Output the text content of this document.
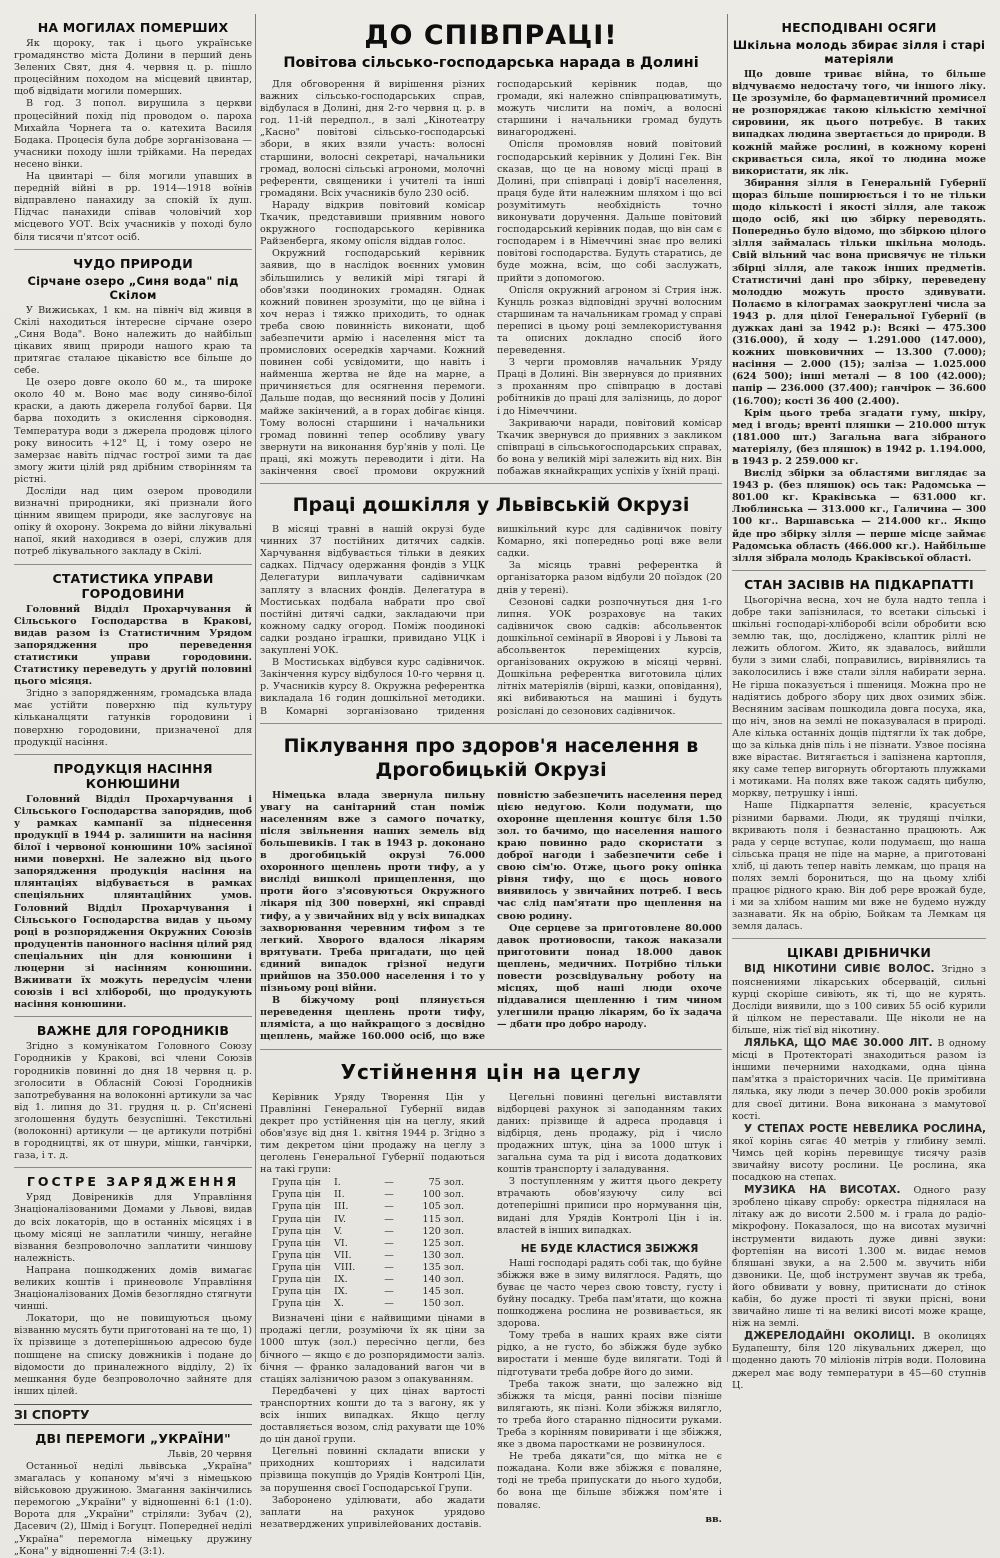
НА МОГИЛАХ ПОМЕРШИХ

Як щороку, так і цього українське громадянство міста Долини в перший день Зелених Свят, дня 4. червня ц. р. пішло процесійним походом на місцевий цвинтар, щоб відвідати могили померших.

В год. 3 попол. вирушила з церкви процесійний похід під проводом о. пароха Михайла Чорнега та о. катехита Василя Бодака. Процесія була добре зорганізована — учасники походу ішли трійками. На передах несено вінки.

На цвинтарі — біля могили упавших в передній війні в рр. 1914—1918 воїнів відправлено панахиду за спокій їх душ. Підчас панахиди співав чоловічий хор місцевого УОТ. Всіх учасників у поході було біля тисячи п'ятсот осіб.

ЧУДО ПРИРОДИ
Сірчане озеро „Синя вода" під Скілом

У Вижиськах, 1 км. на північ від живця в Скілі находиться інтересне сірчане озеро „Синя Вода". Воно належить до найбільш цікавих явищ природи нашого краю та притягає сталаюе цікавістю все більше до себе.

Це озеро довге около 60 м., та широке около 40 м. Воно має воду синяво-білої краски, а дають джерела голубої барви. Ця барва походить з окислення сірководня. Температура води з джерела продовж цілого року виносить +12° Ц, і тому озеро не замерзає навіть підчас гострої зими та дає змогу жити цілій ряд дрібним створінням та рістні.

Досліди над цим озером проводили визначні природники, які признали його цінним явищем природи, яке заслуговує на опіку й охорону. Зокрема до війни лікувальні напої, який находився в озері, служив для потреб лікувального закладу в Скілі.

СТАТИСТИКА УПРАВИ ГОРОДОВИНИ

Головний Відділ Прохарчування й Сільського Господарства в Кракові, видав разом із Статистичним Урядом запорядження про переведення статистики управи городовини. Статистику переведуть у другій половині цього місяця.

Згідно з запорядженням, громадська влада має устійти поверхню під культуру кільканалцяти гатунків городовини і поверхню городовини, призначеної для продукції насіння.

ПРОДУКЦІЯ НАСІННЯ КОНЮШИНИ

Головний Відділ Прохарчування і Сільського Господарства запорядив, щоб у рамках кампанії за піднесення продукції в 1944 р. залишити на насіння білої і червоної конюшини 10% засіяної ними поверхні. Не залежно від цього запорядження продукція насіння на плянтаціях відбувається в рамках спеціяльних плянтаційних умов. Головний Відділ Прохарчування і Сільського Господарства видав у цьому році в розпорядження Окружних Союзів продуцентів панонного насіння цілий ряд спеціальних цін для конюшини і люцерни зі насінням конюшини. Вжиивати їх можуть передусім члени союзів і всі хліборобі, що продукують насіння конюшини.

ВАЖНЕ ДЛЯ ГОРОДНИКІВ

Згідно з комунікатом Головного Союзу Городників у Кракові, всі члени Союзів городників повинні до дня 18 червня ц. р. зголосити в Обласній Союзі Городників запотребування на волоконні артикули за час від 1. липня до 31. грудня ц. р. Сп'яснені зголошення будуть безуспішні. Текстильні (волоконні) артикули — це артикули потрібні в городництві, як от шнури, мішки, ганчірки, газа, і т. д.

ГОСТРЕ ЗАРЯДЖЕННЯ

Уряд Довіреників для Управління Знаціоналізованими Домами у Львові, видав до всіх локаторів, що в останніх місяцях і в цьому місяці не заплатили чиншу, негайне візвання безпроволочно заплатити чиншову належність.

Напрана пошкоджених домів вимагає великих коштів і принеоволє Управління Знаціоналізованих Домів безоглядно стягнути чинші.

Локатори, що не повищуються цьому візванню мусять бути приготовані на те що, 1) їх прізвище з дотеперішньою адресою буде пошщене на списку довжників і подане до відомости до приналежного відділу, 2) їх мешкання буде безпроволочно зайняте для інших цілей.

ЗІ СПОРТУ
ДВІ ПЕРЕМОГИ „УКРАЇНИ"

Львів, 20 червня

Останньої неділі львівська „Україна" змагалась у копаному м'ячі з німецькою військовою дружиною. Змагання закінчились перемогою „України" у відношенні 6:1 (1:0). Ворота для „України" стріляли: Зубач (2), Дасевич (2), Шмід і Богуцт. Попереднеї неділі „Україна" перемогла німецьку дружину „Кона" у відношенні 7:4 (3:1).

ДО СПІВПРАЦІ!
Повітова сільсько-господарська нарада в Долині

Для обговорення й вирішення різних важних сільсько-господарських справ, відбулася в Долині, дня 2-го червня ц. р. в год. 11-ій передпол., в залі „Кінотеатру „Касно" повітові сільсько-господарські збори, в яких взяли участь: волосні старшини, волосні секретарі, начальники громад, волосні сільські агрономи, молочні референти, священики і учителі та інші громадяни. Всіх учасників було 230 осіб.

Нараду відкрив повітовий комісар Ткачик, представивши приявним нового окружного господарського керівника Райзенберга, якому опісля віддав голос.

Окружний господарський керівник заявив, що в наслідок воєнних умовин збільшились у великій мірі тягарі й обов'язки поодиноких громадян. Однак кожний повинен зрозуміти, що це війна і хоч нераз і тяжко приходить, то однак треба свою повинність виконати, щоб забезпечити армію і населення міст та промислових осередків харчами. Кожний повинен собі усвідомити, що навіть і найменша жертва не йде на марне, а причиняється для осягнення перемоги. Дальше подав, що весняний посів у Долині майже закінчений, а в горах добігає кінця. Тому волосні старшини і начальники громад повинні тепер особливу увагу звернути на виконання бур'янів у полі. Це праці, які можуть переводити і діти. На закінчення своєї промови окружний господарський керівник подав, що громади, які належно співпрацюватимуть, можуть числити на поміч, а волосні старшини і начальники громад будуть винагороджені.

Опісля промовляв новий повітовий господарський керівник у Долині Гек. Він сказав, що це на новому місці праці в Долині, при співпраці і довір'ї населення, праця буде йти належним шляхом і що всі розумітимуть необхідність точно виконувати доручення. Дальше повітовий господарський керівник подав, що він сам є господарем і в Німеччині знає про великі повітові господарства. Будуть старатись, де буде можна, всім, що собі заслужать, прийти з допомогою.

Опісля окружний агроном зі Стрия інж. Кунцль розказ відповідні зручні волосним старшинам та начальникам громад у справі переписі в цьому році землекористування та описних докладно спосіб його переведення.

З черги промовляв начальник Уряду Праці в Долині. Він звернувся до приявних з проханням про співпрацю в доставі робітників до праці для залізниць, до дорог і до Німеччини.

Закриваючи наради, повітовий комісар Ткачик звернувся до приявних з закликом співпраці в сільськогосподарських справах, бо вона у великій мірі залежить від них. Він побажав якнайкращих успіхів у їхній праці.

Праці дошкілля у Львівській Окрузі

В місяці травні в нашій окрузі буде чинних 37 постійних дитячих садків. Харчування відбувається тільки в деяких садках. Підчасу одержання фондів з УЦК Делегатури виплачувати садівничкам запляту з власних фондів. Делегатура в Мостиськах подбала набрати про свої постійні дитячі садки, закладаючи при кожному садку огород. Поміж поодинокі садки роздано іграшки, привидано УЦК і закуплені УОК.

В Мостиськах відбувся курс садівничок. Закінчення курсу відбулося 10-го червня ц. р. Учасників курсу 8. Окружна референтка викладала 16 годин дошкільної методики. В Комарні зорганізовано тридення вишкільний курс для садівничок повіту Комарно, які попередньо році вже вели садки.

За місяць травні референтка й організаторка разом відбули 20 поїздок (20 днів у терені).

Сезонові садки розпочнуться дня 1-го липня. УОК розраховує на таких садівничок свою садків: абсольвенток дошкільної семінарії в Яворові і у Львові та абсольвенток переміщених курсів, організованих окружою в місяці червні. Дошкільна референтка виготовила цілих літніх матеріялів (вірші, казки, оповідання), які вибиваються на машині і будуть розіслані до сезонових садівничок.

Піклування про здоров'я населення в Дрогобицькій Окрузі

Німецька влада звернула пильну увагу на санітарний стан поміж населенням вже з самого початку, після звільнення наших земель від большевиків. І так в 1943 р. доконано в дрогобицькій окрузі 76.000 охоронного щеплень проти тифу, а у вислідi вишколі прищеплення, що проти його з'ясовуються Окружного лікаря під 300 поверхні, які справді тифу, а у звичайних від у всіх випадках захворювання черевним тифом з те легкий. Хворого вдалося лікарям врятувати. Треба пригадати, що цей єдиний випадок грізної недуги прийшов на 350.000 населення і то у пізньому році війни.

В біжучому році плянується переведення щеплень проти тифу, пляміста, а що найкращого з досвідно щеплень, майже 160.000 осіб, що вже повністю забезпечить населення перед цією недугою. Коли подумати, що охоронне щеплення коштує біля 1.50 зол. то бачимо, що населення нашого краю повинно радо скористати з доброї нагоди і забезпечити себе і свою сім'ю. Отже, цього року опінка рівня тифу, що є щось нового виявилось у звичайних потреб. І весь час слід пам'ятати про щеплення на свою родину.

Оце серцеве за приготовлене 80.000 давок протиовоспи, також наказали приготовити понад 18.000 давок щеплень, медичних. Потрібно тільки повести розсвідувальну роботу на місцях, щоб наші люди охоче піддавалися щепленню і тим чином улегшили працю лікарям, бо їх задача — дбати про добро народу.

Устійнення цін на цеглу

Керівник Уряду Творення Цін у Правлінні Генеральної Губернії видав декрет про устійнення цін на цеглу, який обов'язує від дня 1. квітня 1944 р. Згідно з тим декретом ціни продажу на цеглу з цеголень Генеральної Губернії подаються на такі групи:

Група цін	I.	—	75 зол.
Група цін	II.	—	100 зол.
Група цін	III.	—	105 зол.
Група цін	IV.	—	115 зол.
Група цін	V.	—	120 зол.
Група цін	VI.	—	125 зол.
Група цін	VII.	—	130 зол.
Група цін	VIII.	—	135 зол.
Група цін	IX.	—	140 зол.
Група цін	IX.	—	145 зол.
Група цін	X.	—	150 зол.

Визначені ціни є найвищими цінами в продажі цегли, розуміючи їх як ціни за 1000 штук (зол.) пересічно цегли, без бічного — якщо є до розпорядимости заліз. бічня — франко заладований вагон чи в стаціях залізничою разом з опакуванням.

Передбачені у цих цінах вартості транспортних кошти до та з вагону, як у всіх інших випадках. Якщо цеглу доставляється возом, слід рахувати ще 10% до цін даної групи.

Цегельні повинні складати вписки у приходних кошториях і надсилати прізвища покупців до Урядів Контролі Цін, за порушення своєї Господарської Групи.

Заборонено уділювати, або жадати заплати на рахунок урядово незатверджених упривілейованих доставів.

Цегельні повинні цегельні виставляти відборцеві рахунок зі заподанням таких даних: прізвище й адреса продавця і відбірця, день продажу, рід і число продажних штук, ціна за 1000 штук і загальна сума та рід і висота додаткових коштів транспорту і заладування.

З поступленням у життя цього декрету втрачають обов'язуючу силу всі дотеперішні приписи про нормування цін, виданi для Урядів Контролі Цін і ін. властей в інших випадках.

НЕ БУДЕ КЛАСТИСЯ ЗБІЖЖЯ

Наші господарі радять собі так, що буйне збіжжя вже в зиму виляглося. Радять, що буває це часто через свою товсту, густу і буйну посадку. Треба пам'ятати, що кожна пошкоджена рослина не розвивається, як здорова.

Тому треба в наших краях вже сіяти рідко, а не густо, бо збіжжя буде зубко виростати і менше буде вилягати. Тоді й підготувати треба добре його до зими.

Треба також знати, що залежно від збіжжя та місця, ранні посіви пізніше вилягають, як пізні. Коли збіжжя вилягло, то треба його старанно підносити руками. Треба з корінням повиривати і ще збіжжя, яке з двома паростками не розвинулося.

Не треба дякати"ся, що мітка не є пожадана. Коли вже збіжжя є поваляне, тоді не треба припускати до нього худоби, бо вона ще більше збіжжя пом'яте і поваляє.

вв.
НЕСПОДІВАНІ ОСЯГИ
Шкільна молодь збирає зілля і старі матеріяли

Що довше триває війна, то більше відчуваємо недостачу того, чи іншого ліку. Це зрозуміле, бо фармацевтичний промисел не розпоряджає такою кількістю хемічної сировини, як цього потребує. В таких випадках людина звертається до природи. В кожній майже рослині, в кожному корені скривається сила, якої то людина може використати, як лік.

Збирання зілля в Генеральній Губернії щораз більше поширюється і то не тільки щодо кількості і якості зілля, але також щодо осіб, які цю збірку переводять. Попередньо було відомо, що збіркою цілого зілля займалась тільки шкільна молодь. Свій вільний час вона присвячує не тільки збірці зілля, але також інших предметів. Статистичні дані про збірку, переведену молоддю можуть просто здивувати. Полаємо в кілограмах заокруглені числа за 1943 р. для цілої Генеральної Губернії (в дужках дані за 1942 р.): Всякі — 475.300 (316.000), й ходу — 1.291.000 (147.000), кожних шовковичних — 13.300 (7.000); насіння — 2.000 (15); заліза — 1.025.000 (624 500); інші металі — 8 100 (42.000); папір — 236.000 (37.400); ганчірок — 36.600 (16.700); кості 36 400 (2.400).

Крім цього треба згадати гуму, шкіру, мед і вгодь; вренті пляшки — 210.000 штук (181.000 шт.) Загальна вага зібраного матеріялу, (без пляшок) в 1942 р. 1.194.000, в 1943 р. 2 259.000 кг.

Вислід збірки за областями виглядає за 1943 р. (без пляшок) ось так: Радомська — 801.00 кг. Краківська — 631.000 кг. Люблинська — 313.000 кг., Галичина — 300 100 кг.. Варшавська — 214.000 кг.. Якщо йде про збірку зілля — перше місце займає Радомська область (466.000 кг.). Найбільше зілля зібрала молодь Краківської області.

СТАН ЗАСІВІВ НА ПІДКАРПАТТІ

Цьогорічна весна, хоч не була надто тепла і добре таки запізнилася, то всетаки сільські і шкільні господарі-хліборобі всіли обробити всю землю так, що, досліджено, клаптик ріллі не лежить облогом. Жито, як здавалось, вийшли були з зими слабі, поправились, вирівнялись та заколосились і вже стали зілля набирати зерна. Не гірша показується і пшениця. Можна про не надіятись доброго збору цих двох озимих збіж. Весняним засівам пошкодила довга посуха, яка, що ніч, знов на землі не показувалася в природі. Але кілька останніх дощів підтягли їх так добре, що за кілька днів піль і не пізнати. Узвое посіяна вже вірастає. Витягається і запізнена картопля, яку саме тепер вигорнуть обгортають плужками і мотиками. На полях вже також садять цибулю, моркву, петрушку і інші.

Наше Підкарпаття зеленіє, красується різними барвами. Люди, як трудящі пчілки, вкривають поля і безнастанно працюють. Аж рада у серце вступає, коли подумаєш, що наша сільська праця не піде на марне, а приготовані хліб, ці дають тепер навіть лемкам, що праця на полях землі борониться, що на цьому хлібі працює рідного краю. Він доб рере врожай буде, і ми за хлібом нашим ми вже не будемо нужду зазнавати. Як на обрію, Бойкам та Лемкам ця земля далась.

ЦІКАВІ ДРІБНИЧКИ

ВІД НІКОТИНИ СИВІЄ ВОЛОС. Згідно з пояснениями лікарських обсервацій, сильні курці скоріше сивіють, як ті, що не курять. Досліди виявили, що з 100 сивих 55 осіб курили й цілком не переставали. Ще ніколи не на більше, ніж тієї від нікотину.

ЛЯЛЬКА, ЩО МАЄ 30.000 ЛІТ. В одному місці в Протекторатi знаходиться разом із іншими печерними находками, одна цінна пам'ятка з праісторичних часів. Це примітивна лялька, яку люди з печер 30.000 років зробили для своєї дитини. Вона виконана з мамутової кості.

У СТЕПАХ РОСТЕ НЕВЕЛИКА РОСЛИНА, якої корінь сягає 40 метрів у глибину землі. Чимсь цей корінь перевищує тисячу разів звичайну висоту рослини. Це рослина, яка посадкою на степах.

МУЗИКА НА ВИСОТАХ. Одного разу зроблено цікаву спробу: оркестра піднялася на літаку аж до висоти 2.500 м. і грала до радіо-мікрофону. Показалося, що на висотах музичні інструменти видають дуже дивні звуки: фортепіян на висоті 1.300 м. видає немов бляшані звуки, а на 2.500 м. звучить ніби дзвоники. Це, щоб інструмент звучав як треба, його обвивати у вовну, притиснати до стінок кабін, бо дуже прості ті звуки прісні, вони звичайно лише ті на великі висоті може краще, ніж на землі.

ДЖЕРЕЛОДАЙНІ ОКОЛИЦІ. В околицях Будапешту, біля 120 лікувальних джерел, що щоденно дають 70 міліонів літрів води. Половина джерел має воду температури в 45—60 ступнів Ц.
